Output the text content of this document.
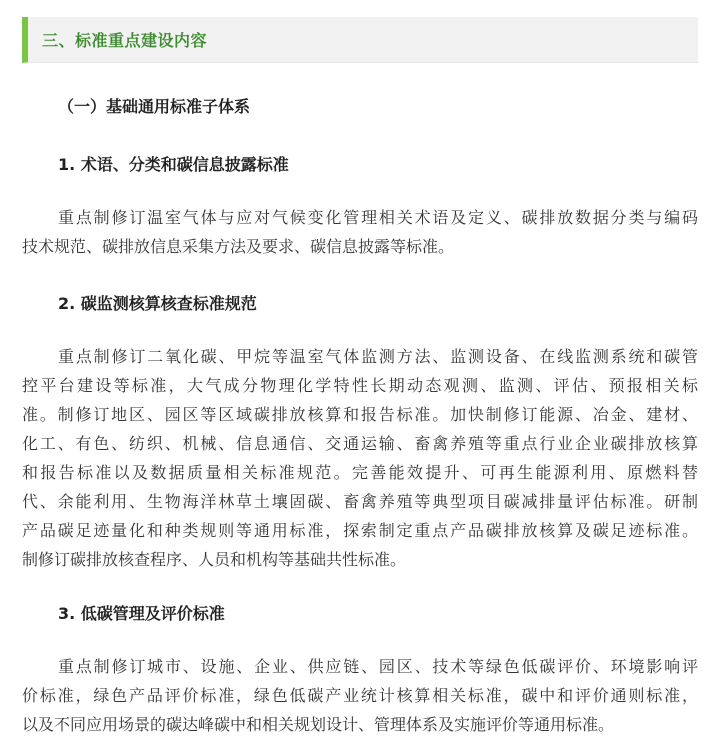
三、标准重点建设内容
（一）基础通用标准子体系
1. 术语、分类和碳信息披露标准
重点制修订温室气体与应对气候变化管理相关术语及定义、碳排放数据分类与编码
技术规范、碳排放信息采集方法及要求、碳信息披露等标准。
2. 碳监测核算核查标准规范
重点制修订二氧化碳、甲烷等温室气体监测方法、监测设备、在线监测系统和碳管
控平台建设等标准，大气成分物理化学特性长期动态观测、监测、评估、预报相关标
准。制修订地区、园区等区域碳排放核算和报告标准。加快制修订能源、冶金、建材、
化工、有色、纺织、机械、信息通信、交通运输、畜禽养殖等重点行业企业碳排放核算
和报告标准以及数据质量相关标准规范。完善能效提升、可再生能源利用、原燃料替
代、余能利用、生物海洋林草土壤固碳、畜禽养殖等典型项目碳减排量评估标准。研制
产品碳足迹量化和种类规则等通用标准，探索制定重点产品碳排放核算及碳足迹标准。
制修订碳排放核查程序、人员和机构等基础共性标准。
3. 低碳管理及评价标准
重点制修订城市、设施、企业、供应链、园区、技术等绿色低碳评价、环境影响评
价标准，绿色产品评价标准，绿色低碳产业统计核算相关标准，碳中和评价通则标准，
以及不同应用场景的碳达峰碳中和相关规划设计、管理体系及实施评价等通用标准。
